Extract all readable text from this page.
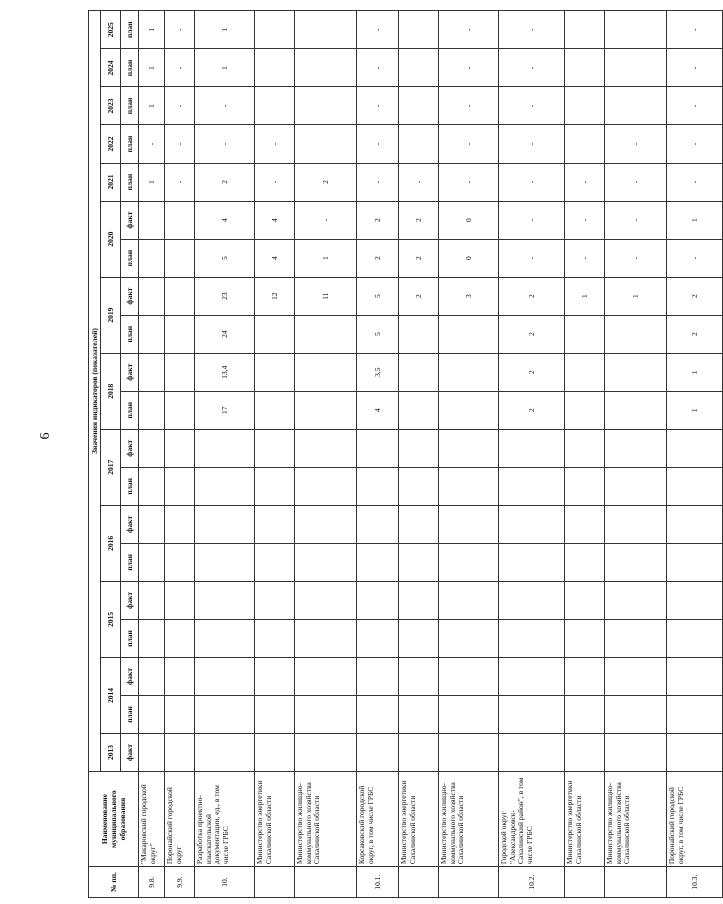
6
№ пп.	Наименование муниципального образования	Значения индикаторов (показателей)																			
		2013	2014		2015		2016		2017		2018		2019		2020		2021	2022	2023	2024	2025
		факт	план	факт	план	факт	план	факт	план	факт	план	факт	план	факт	план	факт	план	план	план	план	план
9.8.	"Макаровский городской округ"																1	-	1	1	1
9.9.	Поронайский городской округ																-	-	-	-	-
10.	Разработка проектно-изыскательской документации, ед., в том числе ГРБС										17	13,4	24	23	5	4	2	-	-	1	1
	Министерство энергетики Сахалинской области													12	4	4	-	-			
	Министерство жилищно-коммунального хозяйства Сахалинской области													11	1	-	2				
10.1.	Корсаковский городской округ, в том числе ГРБС										4	3,5	5	5	2	2	-	-	-	-	-
	Министерство энергетики Сахалинской области													2	2	2	-				
	Министерство жилищно-коммунального хозяйства Сахалинской области													3	0	0	-	-	-	-	-
10.2.	Городской округ "Александровск-Сахалинский район", в том числе ГРБС										2	2	2	2	-	-	-	-	-	-	-
	Министерство энергетики Сахалинской области													1	-	-	-				
	Министерство жилищно-коммунального хозяйства Сахалинской области													1	-	-	-	-			
10.3.	Поронайский городской округ, в том числе ГРБС										1	1	2	2	-	1	-	-	-	-	-
